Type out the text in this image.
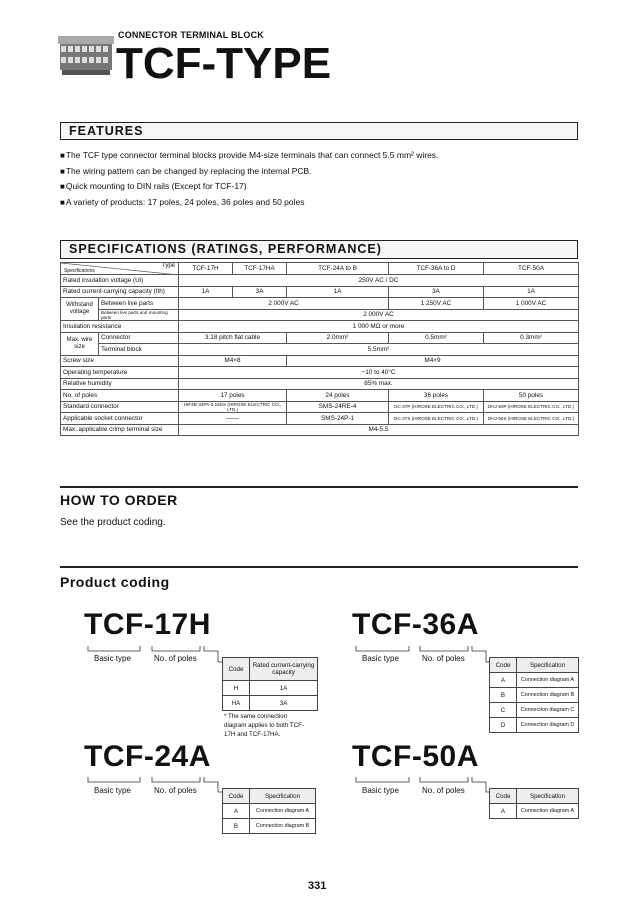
CONNECTOR TERMINAL BLOCK
TCF-TYPE
FEATURES
■ The TCF type connector terminal blocks provide M4-size terminals that can connect 5.5 mm² wires.
■ The wiring pattern can be changed by replacing the internal PCB.
■ Quick mounting to DIN rails (Except for TCF-17)
■ A variety of products: 17 poles, 24 poles, 36 poles and 50 poles
SPECIFICATIONS (RATINGS, PERFORMANCE)
Type
Specifications		TCF-17H	TCF-17HA	TCF-24A to B	TCF-36A to D	TCF-50A
Rated insulation voltage (Ui)		250V AC / DC				
Rated current-carrying capacity (Ith)		1A	3A	1A	3A	1A
Withstand voltage	Between live parts	2 000V AC			1 250V AC	1 000V AC
	Between live parts and mounting parts	2 000V AC				
Insulation resistance		1 000 MΩ or more				
Max. wire size	Connector	3.18 pitch flat cable		2.0mm²	0.5mm²	0.3mm²
	Terminal block	5.5mm²				
Screw size		M4×8		M4×9		
Operating temperature		−10 to 40°C				
Relative humidity		85% max.				
No. of poles		17 poles		24 poles	36 poles	50 poles
Standard connector		HIF4B-34PA-3.18DS (HIROSE ELECTRIC CO., LTD.)		SMS-24RE-4	DC-37P (HIROSE ELECTRIC CO., LTD.)	DHJ-50P (HIROSE ELECTRIC CO., LTD.)
Applicable socket connector		——		SMS-24P-1	DC-37S (HIROSE ELECTRIC CO., LTD.)	DHJ-50S (HIROSE ELECTRIC CO., LTD.)
Max. applicable crimp terminal size		M4-5.5				
HOW TO ORDER
See the product coding.
Product coding
TCF-17H
Basic type	No. of poles
Code	Rated current-carrying capacity
H	1A
HA	3A
* The same connection diagram applies to both TCF-17H and TCF-17HA.
TCF-36A
Basic type	No. of poles
Code	Specification
A	Connection diagram A
B	Connection diagram B
C	Connection diagram C
D	Connection diagram D
TCF-24A
Basic type	No. of poles
Code	Specification
A	Connection diagram A
B	Connection diagram B
TCF-50A
Basic type	No. of poles
Code	Specification
A	Connection diagram A
331
